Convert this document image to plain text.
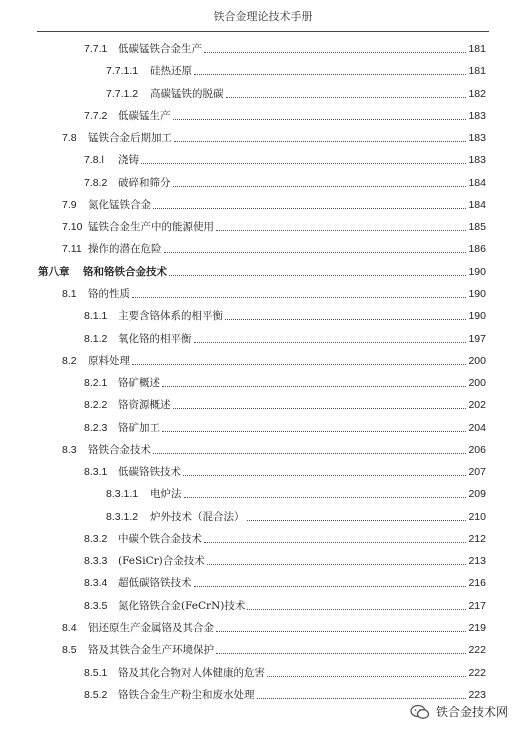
铁合金理论技术手册
7.7.1 低碳锰铁合金生产	181
7.7.1.1 硅热还原	181
7.7.1.2 高碳锰铁的脱碳	182
7.7.2 低碳锰生产	183
7.8 锰铁合金后期加工	183
7.8.l 浇铸	183
7.8.2 破碎和筛分	184
7.9 氮化锰铁合金	184
7.10 锰铁合金生产中的能源使用	185
7.11 操作的潜在危险	186
第八章 铬和铬铁合金技术	190
8.1 铬的性质	190
8.1.1 主要含铬体系的相平衡	190
8.1.2 氧化铬的相平衡	197
8.2 原料处理	200
8.2.1 铬矿概述	200
8.2.2 铬资源概述	202
8.2.3 铬矿加工	204
8.3 铬铁合金技术	206
8.3.1 低碳铬铁技术	207
8.3.1.1 电炉法	209
8.3.1.2 炉外技术（混合法）	210
8.3.2 中碳个铁合金技术	212
8.3.3 (FeSiCr)合金技术	213
8.3.4 超低碳铬铁技术	216
8.3.5 氮化铬铁合金(FeCrN)技术	217
8.4 铝还原生产金属铬及其合金	219
8.5 铬及其铁合金生产环境保护	222
8.5.1 铬及其化合物对人体健康的危害	222
8.5.2 铬铁合金生产粉尘和废水处理	223
铁合金技术网
